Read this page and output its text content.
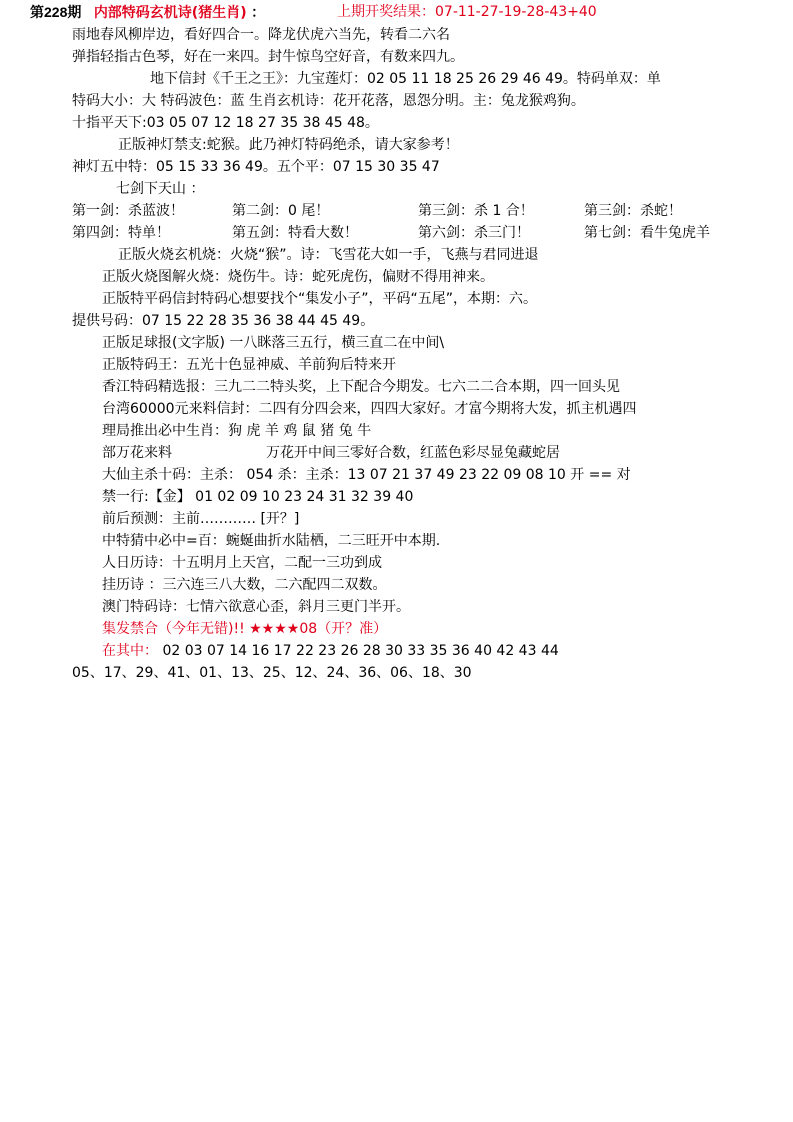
第228期 内部特码玄机诗(猪生肖) ：	上期开奖结果：07-11-27-19-28-43+40
雨地春风柳岸边，看好四合一。降龙伏虎六当先，转看二六名
弹指轻指古色琴，好在一来四。封牛惊鸟空好音，有数来四九。
地下信封《千王之王》：九宝莲灯：02 05 11 18 25 26 29 46 49。特码单双：单
特码大小：大 特码波色：蓝 生肖玄机诗：花开花落，恩怨分明。主：兔龙猴鸡狗。
十指平天下:03 05 07 12 18 27 35 38 45 48。
正版神灯禁支:蛇猴。此乃神灯特码绝杀，请大家参考！
神灯五中特：05 15 33 36 49。五个平：07 15 30 35 47
七剑下天山 ：
第一剑：杀蓝波！	第二剑：0 尾！	第三剑：杀 1 合！	第三剑：杀蛇！
第四剑：特单！	第五剑：特看大数！	第六剑：杀三门！	第七剑：看牛兔虎羊
正版火烧玄机烧：火烧“猴”。诗：飞雪花大如一手，飞燕与君同进退
正版火烧图解火烧：烧伤牛。诗：蛇死虎伤，偏财不得用神来。
正版特平码信封特码心想要找个“集发小子”，平码“五尾”，本期：六。
提供号码：07 15 22 28 35 36 38 44 45 49。
正版足球报(文字版) 一八眯落三五行，横三直二在中间\
正版特码王：五光十色显神威、羊前狗后特来开
香江特码精选报：三九二二特头奖，上下配合今期发。七六二二合本期，四一回头见
台湾60000元来料信封：二四有分四会来，四四大家好。才富今期将大发，抓主机遇四
理局推出必中生肖：狗 虎 羊 鸡 鼠 猪 兔 牛
部万花来料	万花开中间三零好合数，红蓝色彩尽显兔藏蛇居
大仙主杀十码：主杀： 054 杀：主杀：13 07 21 37 49 23 22 09 08 10 开 == 对
禁一行:【金】 01 02 09 10 23 24 31 32 39 40
前后预测：主前………… [开？]
中特猜中必中=百：蜿蜒曲折水陆栖，二三旺开中本期.
人日历诗：十五明月上天宫，二配一三功到成
挂历诗 ：三六连三八大数，二六配四二双数。
澳门特码诗：七情六欲意心歪，斜月三更门半开。
集发禁合（今年无错)!! ★★★★08（开？准）
在其中： 02 03 07 14 16 17 22 23 26 28 30 33 35 36 40 42 43 44
05、17、29、41、01、13、25、12、24、36、06、18、30
